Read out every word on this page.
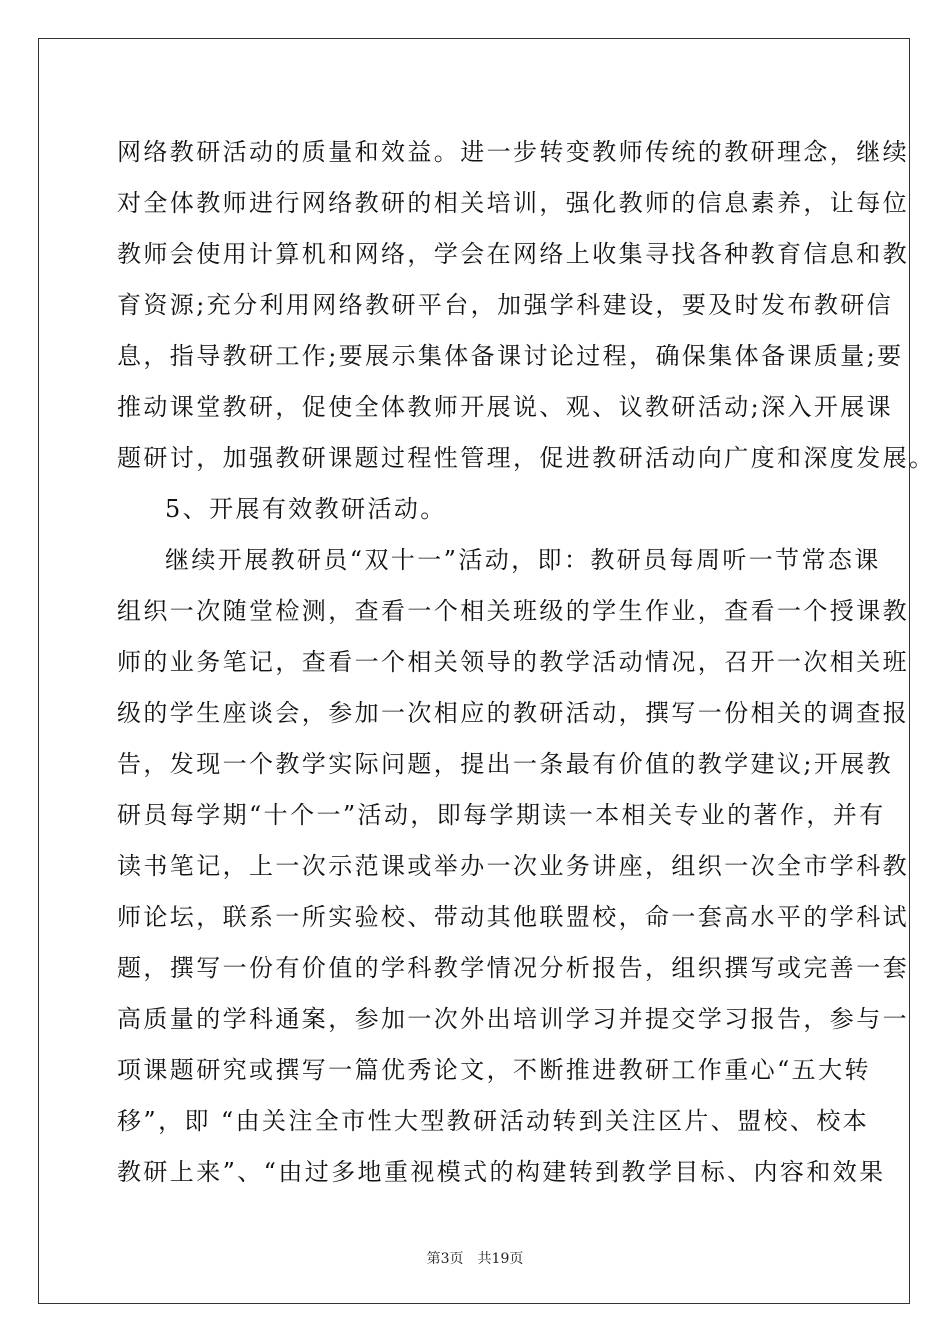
网络教研活动的质量和效益。进一步转变教师传统的教研理念，继续
对全体教师进行网络教研的相关培训，强化教师的信息素养，让每位
教师会使用计算机和网络，学会在网络上收集寻找各种教育信息和教
育资源;充分利用网络教研平台，加强学科建设，要及时发布教研信
息，指导教研工作;要展示集体备课讨论过程，确保集体备课质量;要
推动课堂教研，促使全体教师开展说、观、议教研活动;深入开展课
题研讨，加强教研课题过程性管理，促进教研活动向广度和深度发展。
5、开展有效教研活动。
继续开展教研员“双十一”活动，即：教研员每周听一节常态课
组织一次随堂检测，查看一个相关班级的学生作业，查看一个授课教
师的业务笔记，查看一个相关领导的教学活动情况，召开一次相关班
级的学生座谈会，参加一次相应的教研活动，撰写一份相关的调查报
告，发现一个教学实际问题，提出一条最有价值的教学建议;开展教
研员每学期“十个一”活动，即每学期读一本相关专业的著作，并有
读书笔记，上一次示范课或举办一次业务讲座，组织一次全市学科教
师论坛，联系一所实验校、带动其他联盟校，命一套高水平的学科试
题，撰写一份有价值的学科教学情况分析报告，组织撰写或完善一套
高质量的学科通案，参加一次外出培训学习并提交学习报告，参与一
项课题研究或撰写一篇优秀论文，不断推进教研工作重心“五大转
移”，即 “由关注全市性大型教研活动转到关注区片、盟校、校本
教研上来”、“由过多地重视模式的构建转到教学目标、内容和效果
第3页 共19页
